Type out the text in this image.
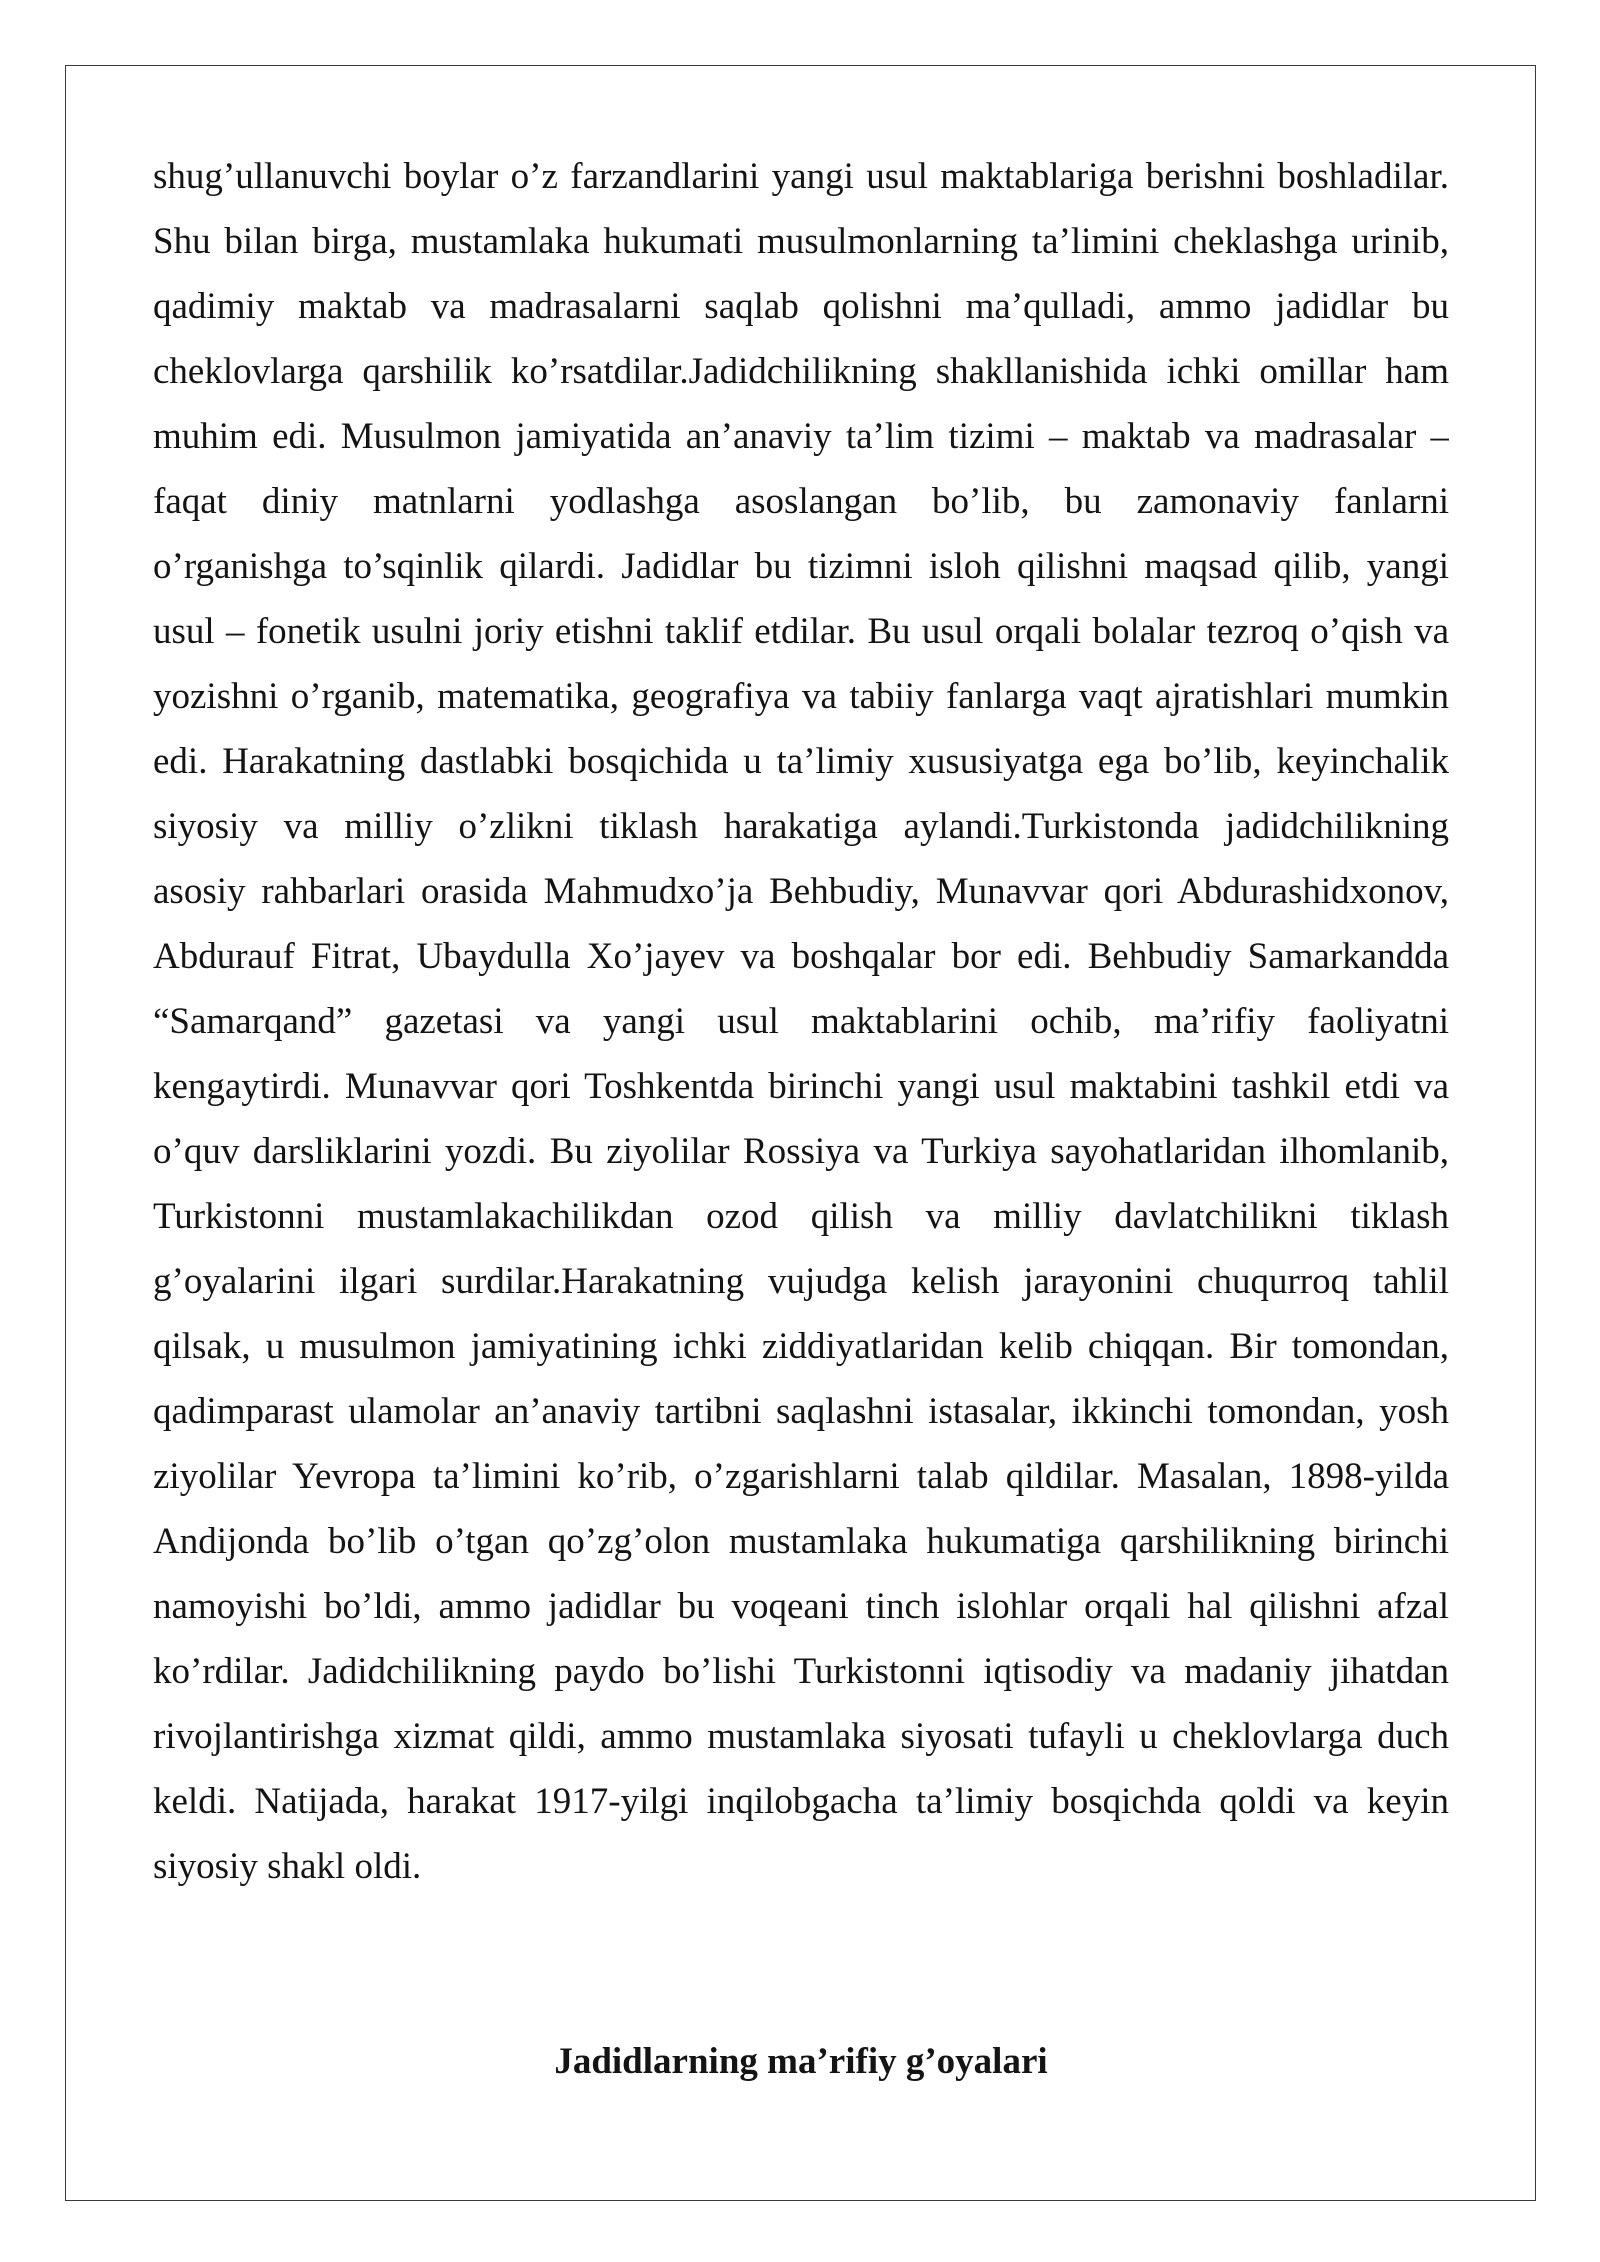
shug’ullanuvchi boylar o’z farzandlarini yangi usul maktablariga berishni boshladilar.
Shu bilan birga, mustamlaka hukumati musulmonlarning ta’limini cheklashga urinib,
qadimiy maktab va madrasalarni saqlab qolishni ma’qulladi, ammo jadidlar bu
cheklovlarga qarshilik ko’rsatdilar.Jadidchilikning shakllanishida ichki omillar ham
muhim edi. Musulmon jamiyatida an’anaviy ta’lim tizimi – maktab va madrasalar –
faqat diniy matnlarni yodlashga asoslangan bo’lib, bu zamonaviy fanlarni
o’rganishga to’sqinlik qilardi. Jadidlar bu tizimni isloh qilishni maqsad qilib, yangi
usul – fonetik usulni joriy etishni taklif etdilar. Bu usul orqali bolalar tezroq o’qish va
yozishni o’rganib, matematika, geografiya va tabiiy fanlarga vaqt ajratishlari mumkin
edi. Harakatning dastlabki bosqichida u ta’limiy xususiyatga ega bo’lib, keyinchalik
siyosiy va milliy o’zlikni tiklash harakatiga aylandi.Turkistonda jadidchilikning
asosiy rahbarlari orasida Mahmudxo’ja Behbudiy, Munavvar qori Abdurashidxonov,
Abdurauf Fitrat, Ubaydulla Xo’jayev va boshqalar bor edi. Behbudiy Samarkandda
“Samarqand” gazetasi va yangi usul maktablarini ochib, ma’rifiy faoliyatni
kengaytirdi. Munavvar qori Toshkentda birinchi yangi usul maktabini tashkil etdi va
o’quv darsliklarini yozdi. Bu ziyolilar Rossiya va Turkiya sayohatlaridan ilhomlanib,
Turkistonni mustamlakachilikdan ozod qilish va milliy davlatchilikni tiklash
g’oyalarini ilgari surdilar.Harakatning vujudga kelish jarayonini chuqurroq tahlil
qilsak, u musulmon jamiyatining ichki ziddiyatlaridan kelib chiqqan. Bir tomondan,
qadimparast ulamolar an’anaviy tartibni saqlashni istasalar, ikkinchi tomondan, yosh
ziyolilar Yevropa ta’limini ko’rib, o’zgarishlarni talab qildilar. Masalan, 1898-yilda
Andijonda bo’lib o’tgan qo’zg’olon mustamlaka hukumatiga qarshilikning birinchi
namoyishi bo’ldi, ammo jadidlar bu voqeani tinch islohlar orqali hal qilishni afzal
ko’rdilar. Jadidchilikning paydo bo’lishi Turkistonni iqtisodiy va madaniy jihatdan
rivojlantirishga xizmat qildi, ammo mustamlaka siyosati tufayli u cheklovlarga duch
keldi. Natijada, harakat 1917-yilgi inqilobgacha ta’limiy bosqichda qoldi va keyin
siyosiy shakl oldi.
Jadidlarning ma’rifiy g’oyalari
